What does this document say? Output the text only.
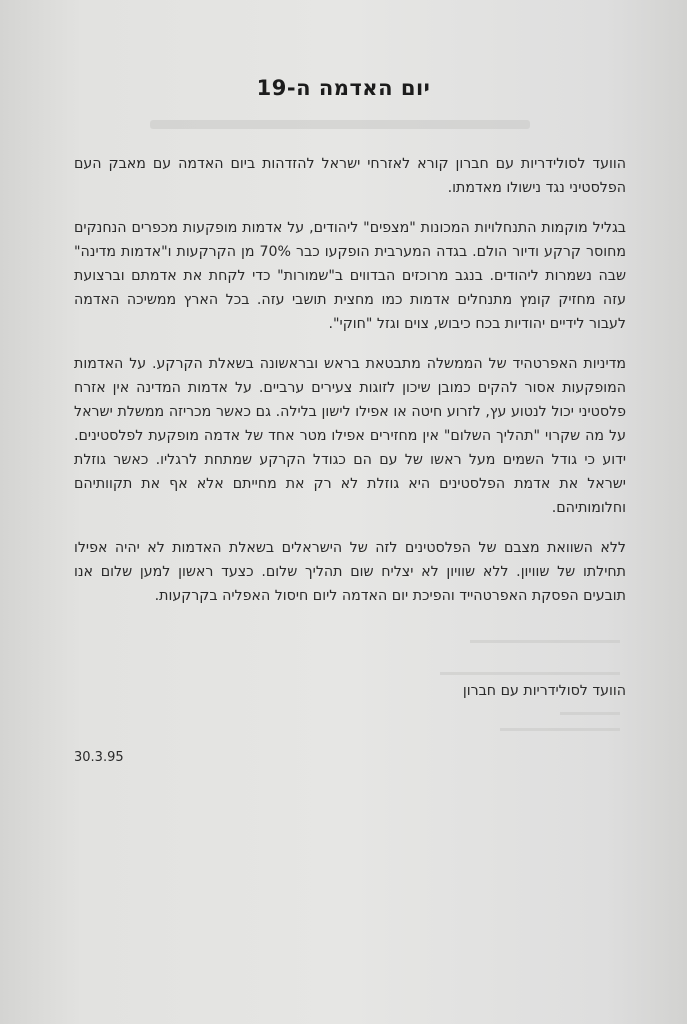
יום האדמה ה-19

הוועד לסולידריות עם חברון קורא לאזרחי ישראל להזדהות ביום האדמה עם מאבק העם הפלסטיני נגד נישולו מאדמתו.

בגליל מוקמות התנחלויות המכונות "מצפים" ליהודים, על אדמות מופקעות מכפרים הנחנקים מחוסר קרקע ודיור הולם. בגדה המערבית הופקעו כבר 70% מן הקרקעות ו"אדמות מדינה" שבה נשמרות ליהודים. בנגב מרוכזים הבדווים ב"שמורות" כדי לקחת את אדמתם וברצועת עזה מחזיק קומץ מתנחלים אדמות כמו מחצית תושבי עזה. בכל הארץ ממשיכה האדמה לעבור לידיים יהודיות בכח כיבוש, צוים וגזל "חוקי".

מדיניות האפרטהיד של הממשלה מתבטאת בראש ובראשונה בשאלת הקרקע. על האדמות המופקעות אסור להקים כמובן שיכון לזוגות צעירים ערביים. על אדמות המדינה אין אזרח פלסטיני יכול לנטוע עץ, לזרוע חיטה או אפילו לישון בלילה. גם כאשר מכריזה ממשלת ישראל על מה שקרוי "תהליך השלום" אין מחזירים אפילו מטר אחד של אדמה מופקעת לפלסטינים. ידוע כי גודל השמים מעל ראשו של עם הם כגודל הקרקע שמתחת לרגליו. כאשר גוזלת ישראל את אדמת הפלסטינים היא גוזלת לא רק את מחייתם אלא אף את תקוותיהם וחלומותיהם.

ללא השוואת מצבם של הפלסטינים לזה של הישראלים בשאלת האדמות לא יהיה אפילו תחילתו של שוויון. ללא שוויון לא יצליח שום תהליך שלום. כצעד ראשון למען שלום אנו תובעים הפסקת האפרטהייד והפיכת יום האדמה ליום חיסול האפליה בקרקעות.

הוועד לסולידריות עם חברון
30.3.95
